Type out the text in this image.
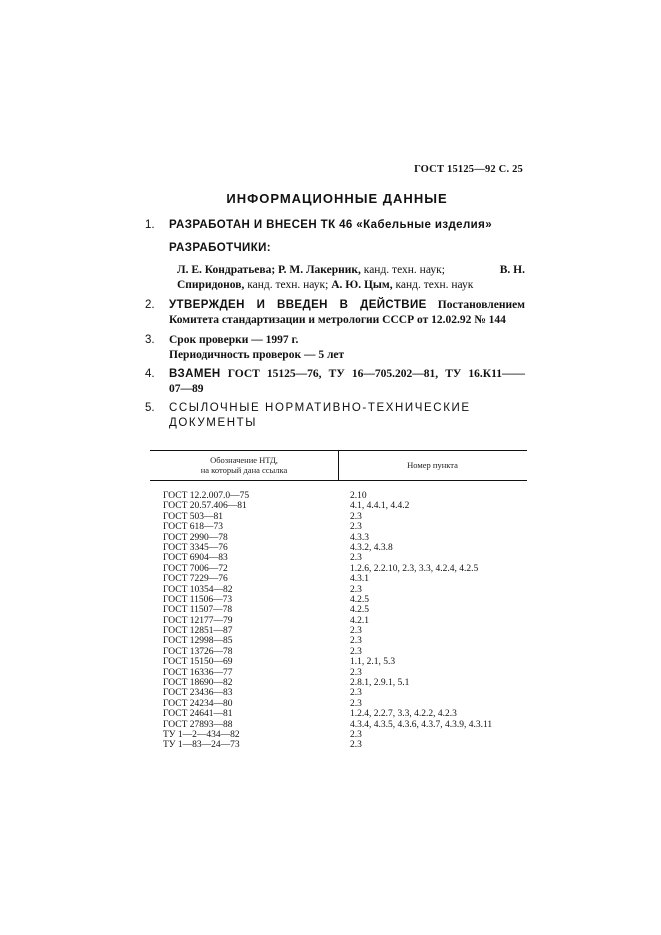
ГОСТ 15125—92 С. 25
ИНФОРМАЦИОННЫЕ ДАННЫЕ
1. РАЗРАБОТАН И ВНЕСЕН ТК 46 «Кабельные изделия»
РАЗРАБОТЧИКИ:
Л. Е. Кондратьева; Р. М. Лакерник, канд. техн. наук;	В. Н.
Спиридонов, канд. техн. наук; А. Ю. Цым, канд. техн. наук
2. УТВЕРЖДЕН И ВВЕДЕН В ДЕЙСТВИЕ Постановлением Комитета стандартизации и метрологии СССР от 12.02.92 № 144
3. Срок проверки — 1997 г.
Периодичность проверок — 5 лет
4. ВЗАМЕН ГОСТ 15125—76, ТУ 16—705.202—81, ТУ 16.К11——07—89
5. ССЫЛОЧНЫЕ НОРМАТИВНО-ТЕХНИЧЕСКИЕ ДОКУМЕНТЫ
Обозначение НТД,
на который дана ссылка	Номер пункта
ГОСТ 12.2.007.0—75	2.10
ГОСТ 20.57.406—81	4.1, 4.4.1, 4.4.2
ГОСТ 503—81	2.3
ГОСТ 618—73	2.3
ГОСТ 2990—78	4.3.3
ГОСТ 3345—76	4.3.2, 4.3.8
ГОСТ 6904—83	2.3
ГОСТ 7006—72	1.2.6, 2.2.10, 2.3, 3.3, 4.2.4, 4.2.5
ГОСТ 7229—76	4.3.1
ГОСТ 10354—82	2.3
ГОСТ 11506—73	4.2.5
ГОСТ 11507—78	4.2.5
ГОСТ 12177—79	4.2.1
ГОСТ 12851—87	2.3
ГОСТ 12998—85	2.3
ГОСТ 13726—78	2.3
ГОСТ 15150—69	1.1, 2.1, 5.3
ГОСТ 16336—77	2.3
ГОСТ 18690—82	2.8.1, 2.9.1, 5.1
ГОСТ 23436—83	2.3
ГОСТ 24234—80	2.3
ГОСТ 24641—81	1.2.4, 2.2.7, 3.3, 4.2.2, 4.2.3
ГОСТ 27893—88	4.3.4, 4.3.5, 4.3.6, 4.3.7, 4.3.9, 4.3.11
ТУ 1—2—434—82	2.3
ТУ 1—83—24—73	2.3
